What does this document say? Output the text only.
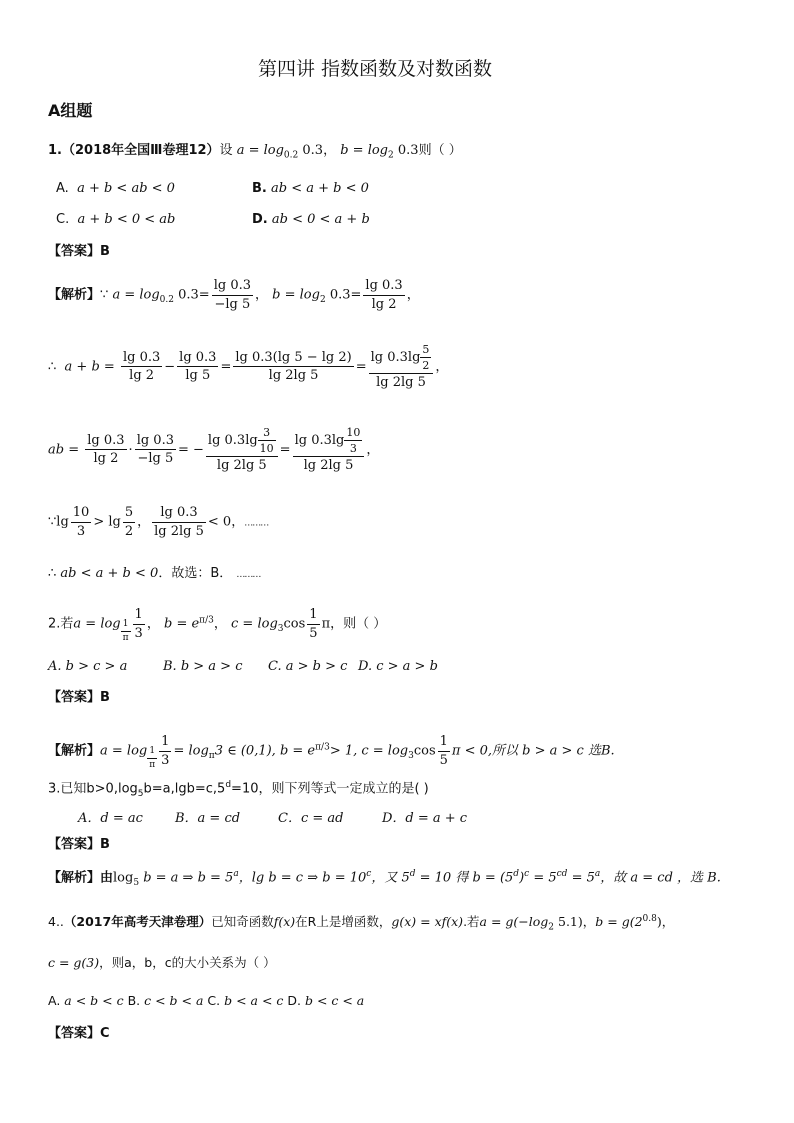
第四讲 指数函数及对数函数
A组题
1.（2018年全国Ⅲ卷理12）设 $a = \log_{0.2} 0.3$， $b = \log_2 0.3$则（ ）
A. a + b < ab < 0	B. ab < a + b < 0
C. a + b < 0 < ab	D. ab < 0 < a + b
【答案】B
【解析】∵ $a = \log_{0.2} 0.3= \frac{\lg 0.3}{-\lg 5}$ ， $b = \log_2 0.3= \frac{\lg 0.3}{\lg 2}$ ，
∴ $a + b = \frac{\lg 0.3}{\lg 2} - \frac{\lg 0.3}{\lg 5} = \frac{\lg 0.3(\lg 5 - \lg 2)}{\lg 2\lg 5} = \frac{\lg 0.3\lg \frac{5}{2}}{\lg 2\lg 5}$ ，
ab = $\frac{\lg 0.3}{\lg 2} \cdot \frac{\lg 0.3}{-\lg 5}$ = − $\frac{\lg 0.3\lg \frac{3}{10}}{\lg 2\lg 5} = \frac{\lg 0.3\lg \frac{10}{3}}{\lg 2\lg 5}$ ，
∵lg $\frac{10}{3} > \lg \frac{5}{2}$ ， $\frac{\lg 0.3}{\lg 2\lg 5} < 0$，………
∴ ab < a + b < 0．故选：B． ………
2.若$a = \log _{\frac{1}{\pi}} \frac{1}{3}$ ， $b = e^{\pi/3}$， $c = \log_3\cos \frac{1}{5}$ π，则（ ）
A. b > c > a	B. b > a > c C. a > b > c D. c > a > b
【答案】B
【解析】$a = \log _{\frac{1}{\pi}} \frac{1}{3} = \log_\pi 3$ ∈ (0,1), $b = e^{\pi/3}> 1$, $c = \log_3\cos \frac{1}{5}$ π < 0,所以 b > a > c 选B.
3.已知$b>0,\log_5b=a,\lg b=c,5^d=10$，则下列等式一定成立的是( )
A．d = ac B．a = cd	C．c = ad	D．d = a + c
【答案】B
【解析】由$\log_5 b = a$ ⇒ $b = 5^a$，lg b = c ⇒ $b = 10^c$，又 $5^d = 10$ 得 $b = (5^d)^c = 5^{cd} = 5^a$，故 a = cd ，选 B.
4..（2017年高考天津卷理）已知奇函数f(x)在R上是增函数，g(x) = xf(x).若$a = g(-\log_2$ 5.1)，$b = g(2^{0.8})$，
c = g(3)，则a，b，c的大小关系为（ ）
A. a < b < c B. c < b < a C. b < a < c D. b < c < a
【答案】C
